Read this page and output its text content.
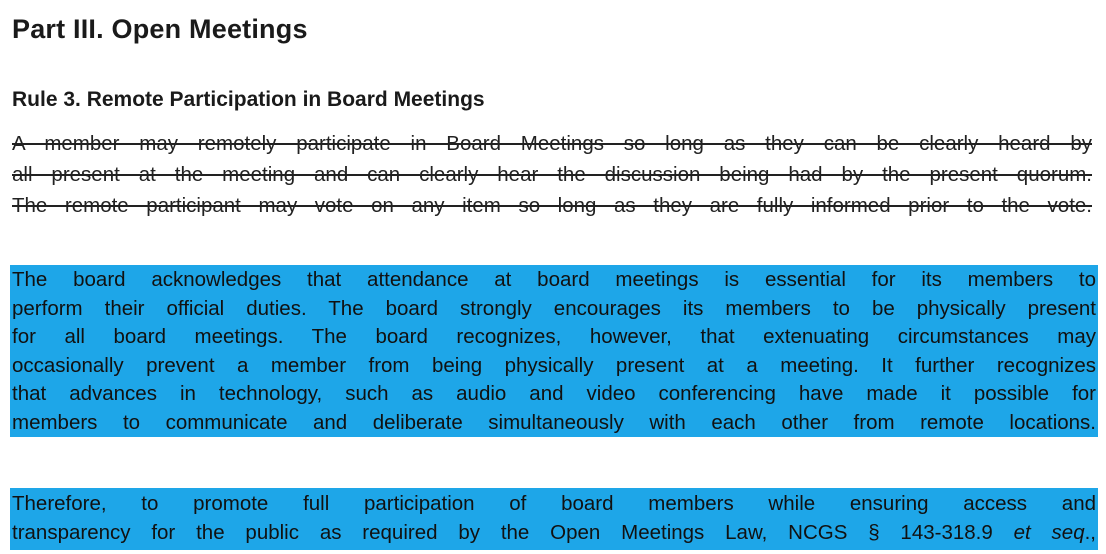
Part III. Open Meetings
Rule 3. Remote Participation in Board Meetings
A member may remotely participate in Board Meetings so long as they can be clearly heard by
all present at the meeting and can clearly hear the discussion being had by the present quorum.
The remote participant may vote on any item so long as they are fully informed prior to the vote.
The board acknowledges that attendance at board meetings is essential for its members to
perform their official duties. The board strongly encourages its members to be physically present
for all board meetings. The board recognizes, however, that extenuating circumstances may
occasionally prevent a member from being physically present at a meeting. It further recognizes
that advances in technology, such as audio and video conferencing have made it possible for
members to communicate and deliberate simultaneously with each other from remote locations.
Therefore, to promote full participation of board members while ensuring access and
transparency for the public as required by the Open Meetings Law, NCGS § 143-318.9 et seq.,
